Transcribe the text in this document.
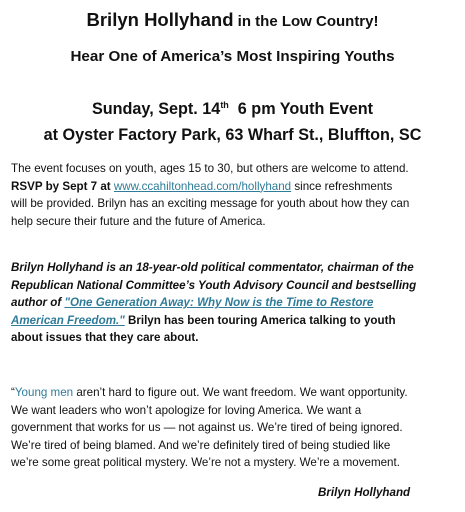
Brilyn Hollyhand in the Low Country!
Hear One of America’s Most Inspiring Youths
Sunday, Sept. 14th  6 pm Youth Event
at Oyster Factory Park, 63 Wharf St., Bluffton, SC
The event focuses on youth, ages 15 to 30, but others are welcome to attend.
RSVP by Sept 7 at www.ccahiltonhead.com/hollyhand since refreshments
will be provided. Brilyn has an exciting message for youth about how they can
help secure their future and the future of America.
Brilyn Hollyhand is an 18-year-old political commentator, chairman of the
Republican National Committee’s Youth Advisory Council and bestselling
author of "One Generation Away: Why Now is the Time to Restore
American Freedom." Brilyn has been touring America talking to youth
about issues that they care about.
“Young men aren’t hard to figure out. We want freedom. We want opportunity.
We want leaders who won’t apologize for loving America. We want a
government that works for us — not against us. We’re tired of being ignored.
We’re tired of being blamed. And we’re definitely tired of being studied like
we’re some great political mystery. We’re not a mystery. We’re a movement.
Brilyn Hollyhand
